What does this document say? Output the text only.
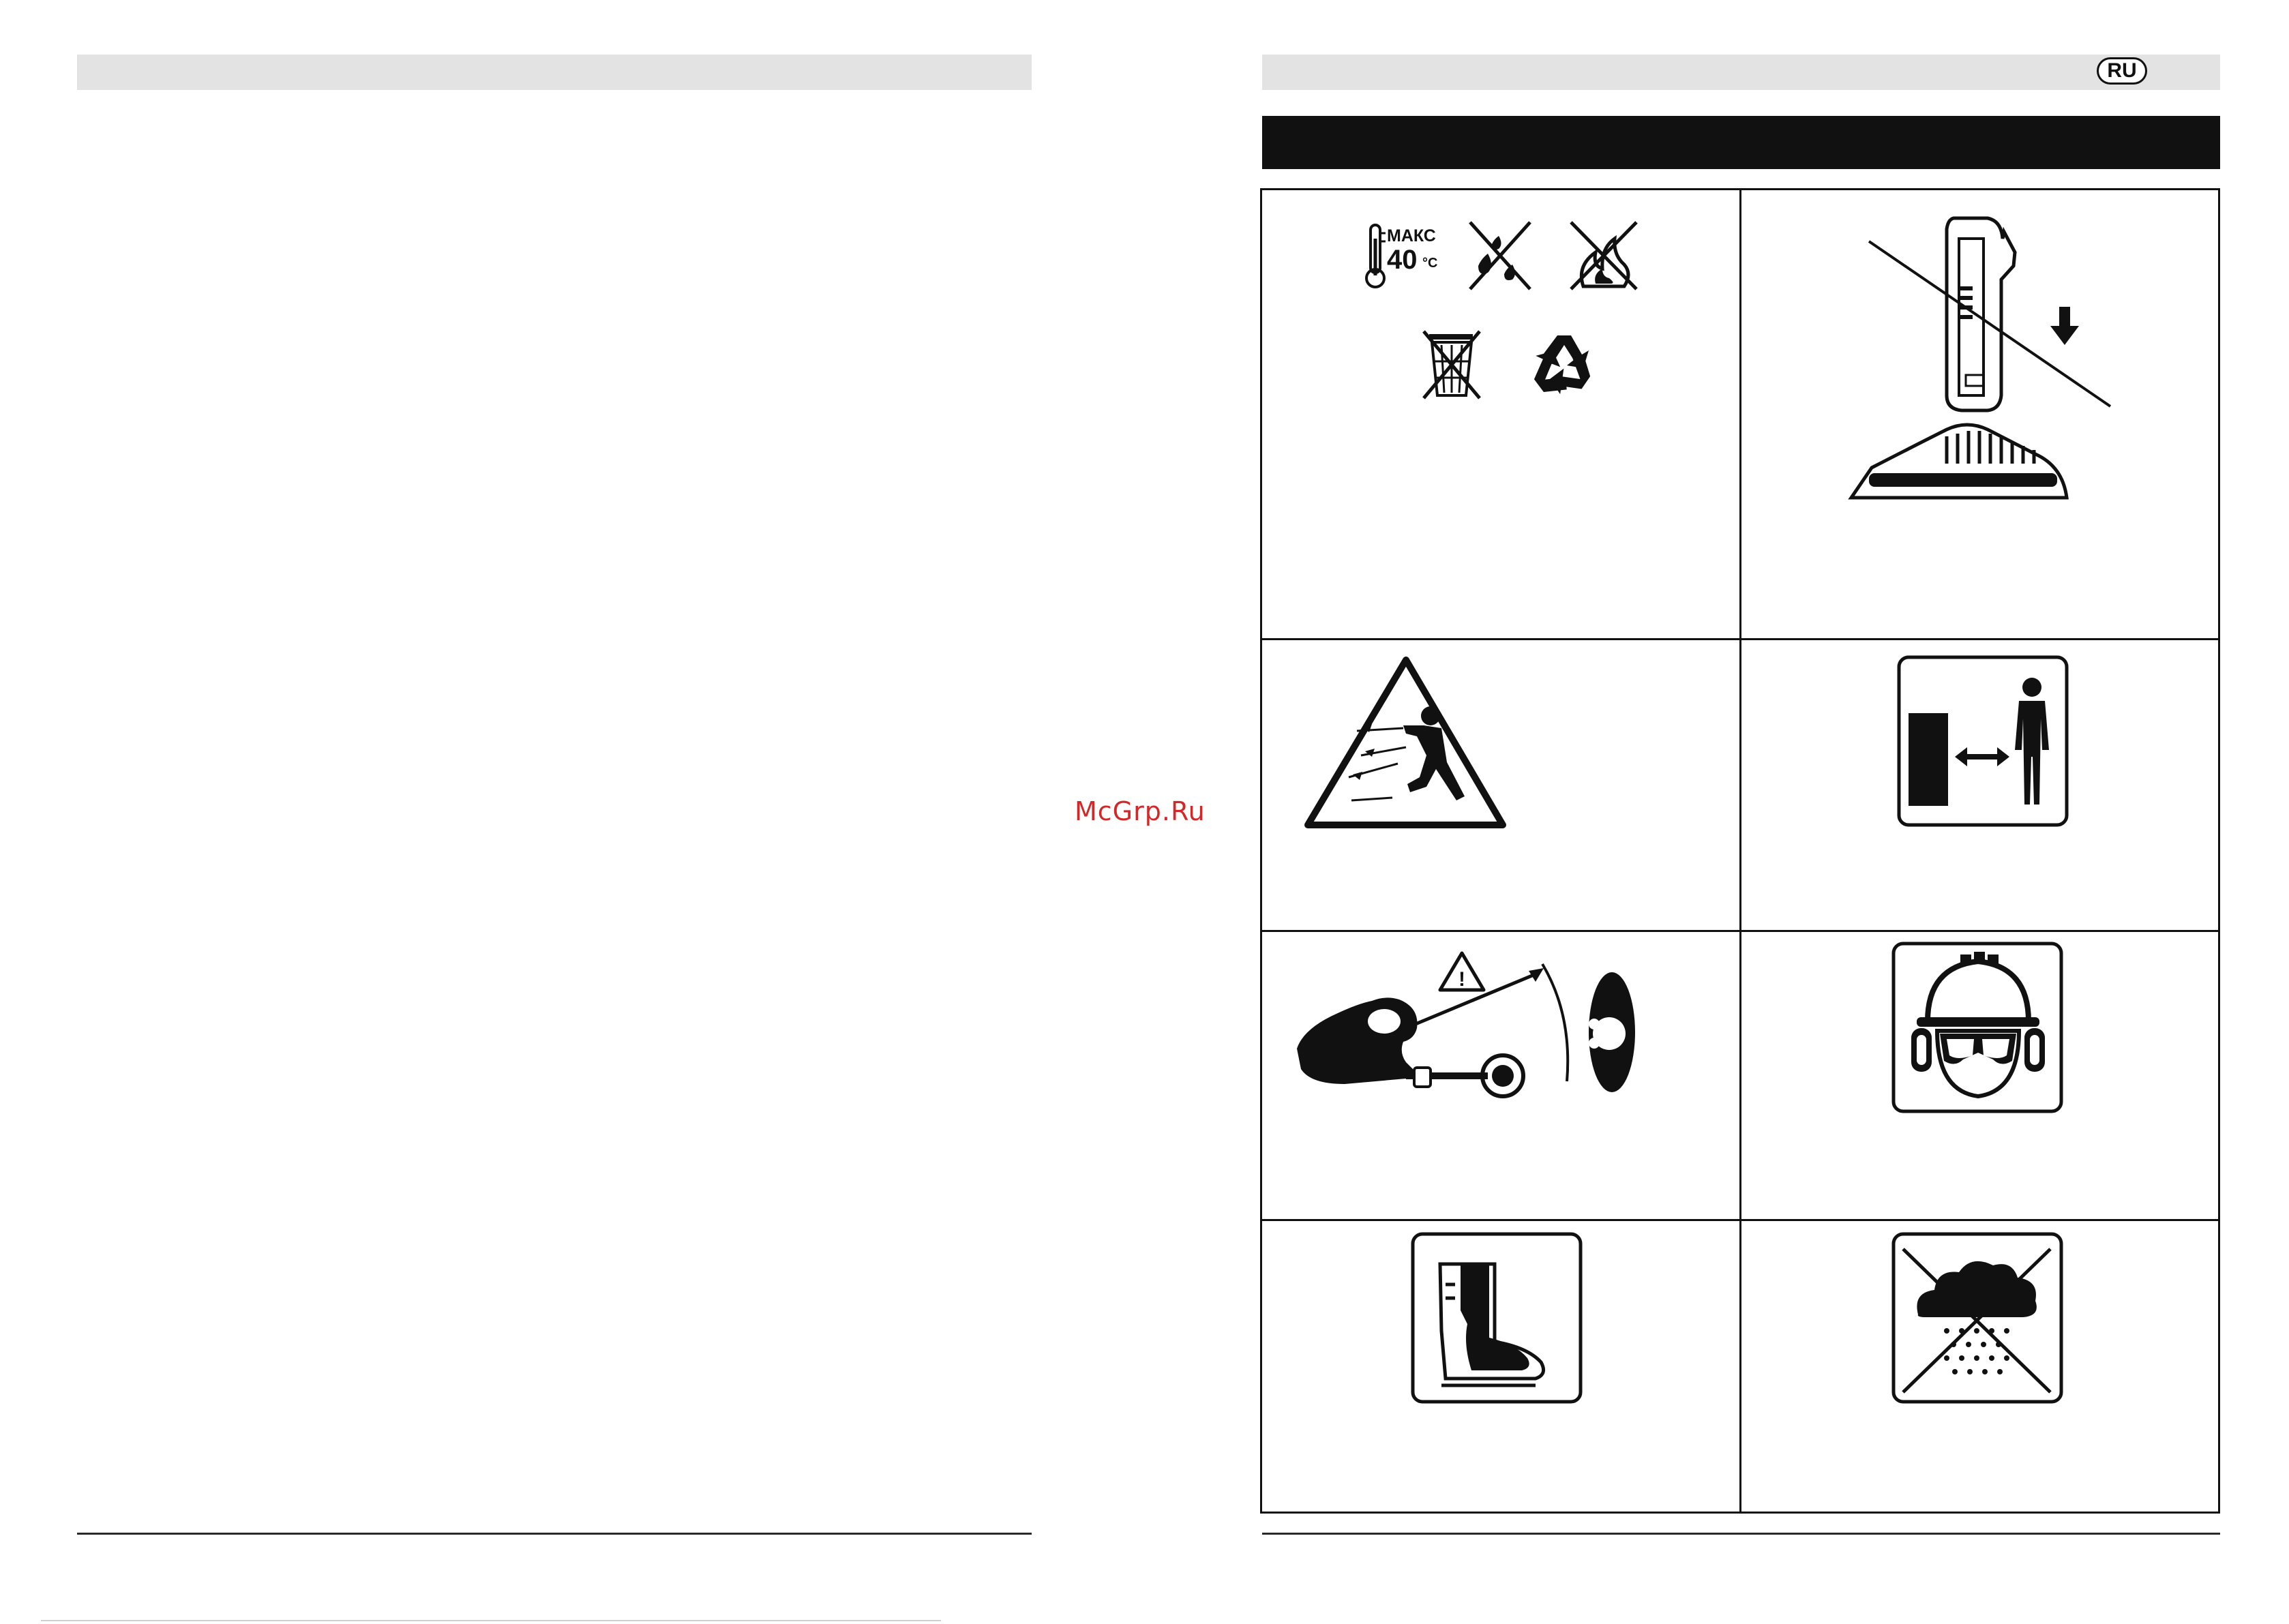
McGrp.Ru
RU
МАКС
40 °C
!
